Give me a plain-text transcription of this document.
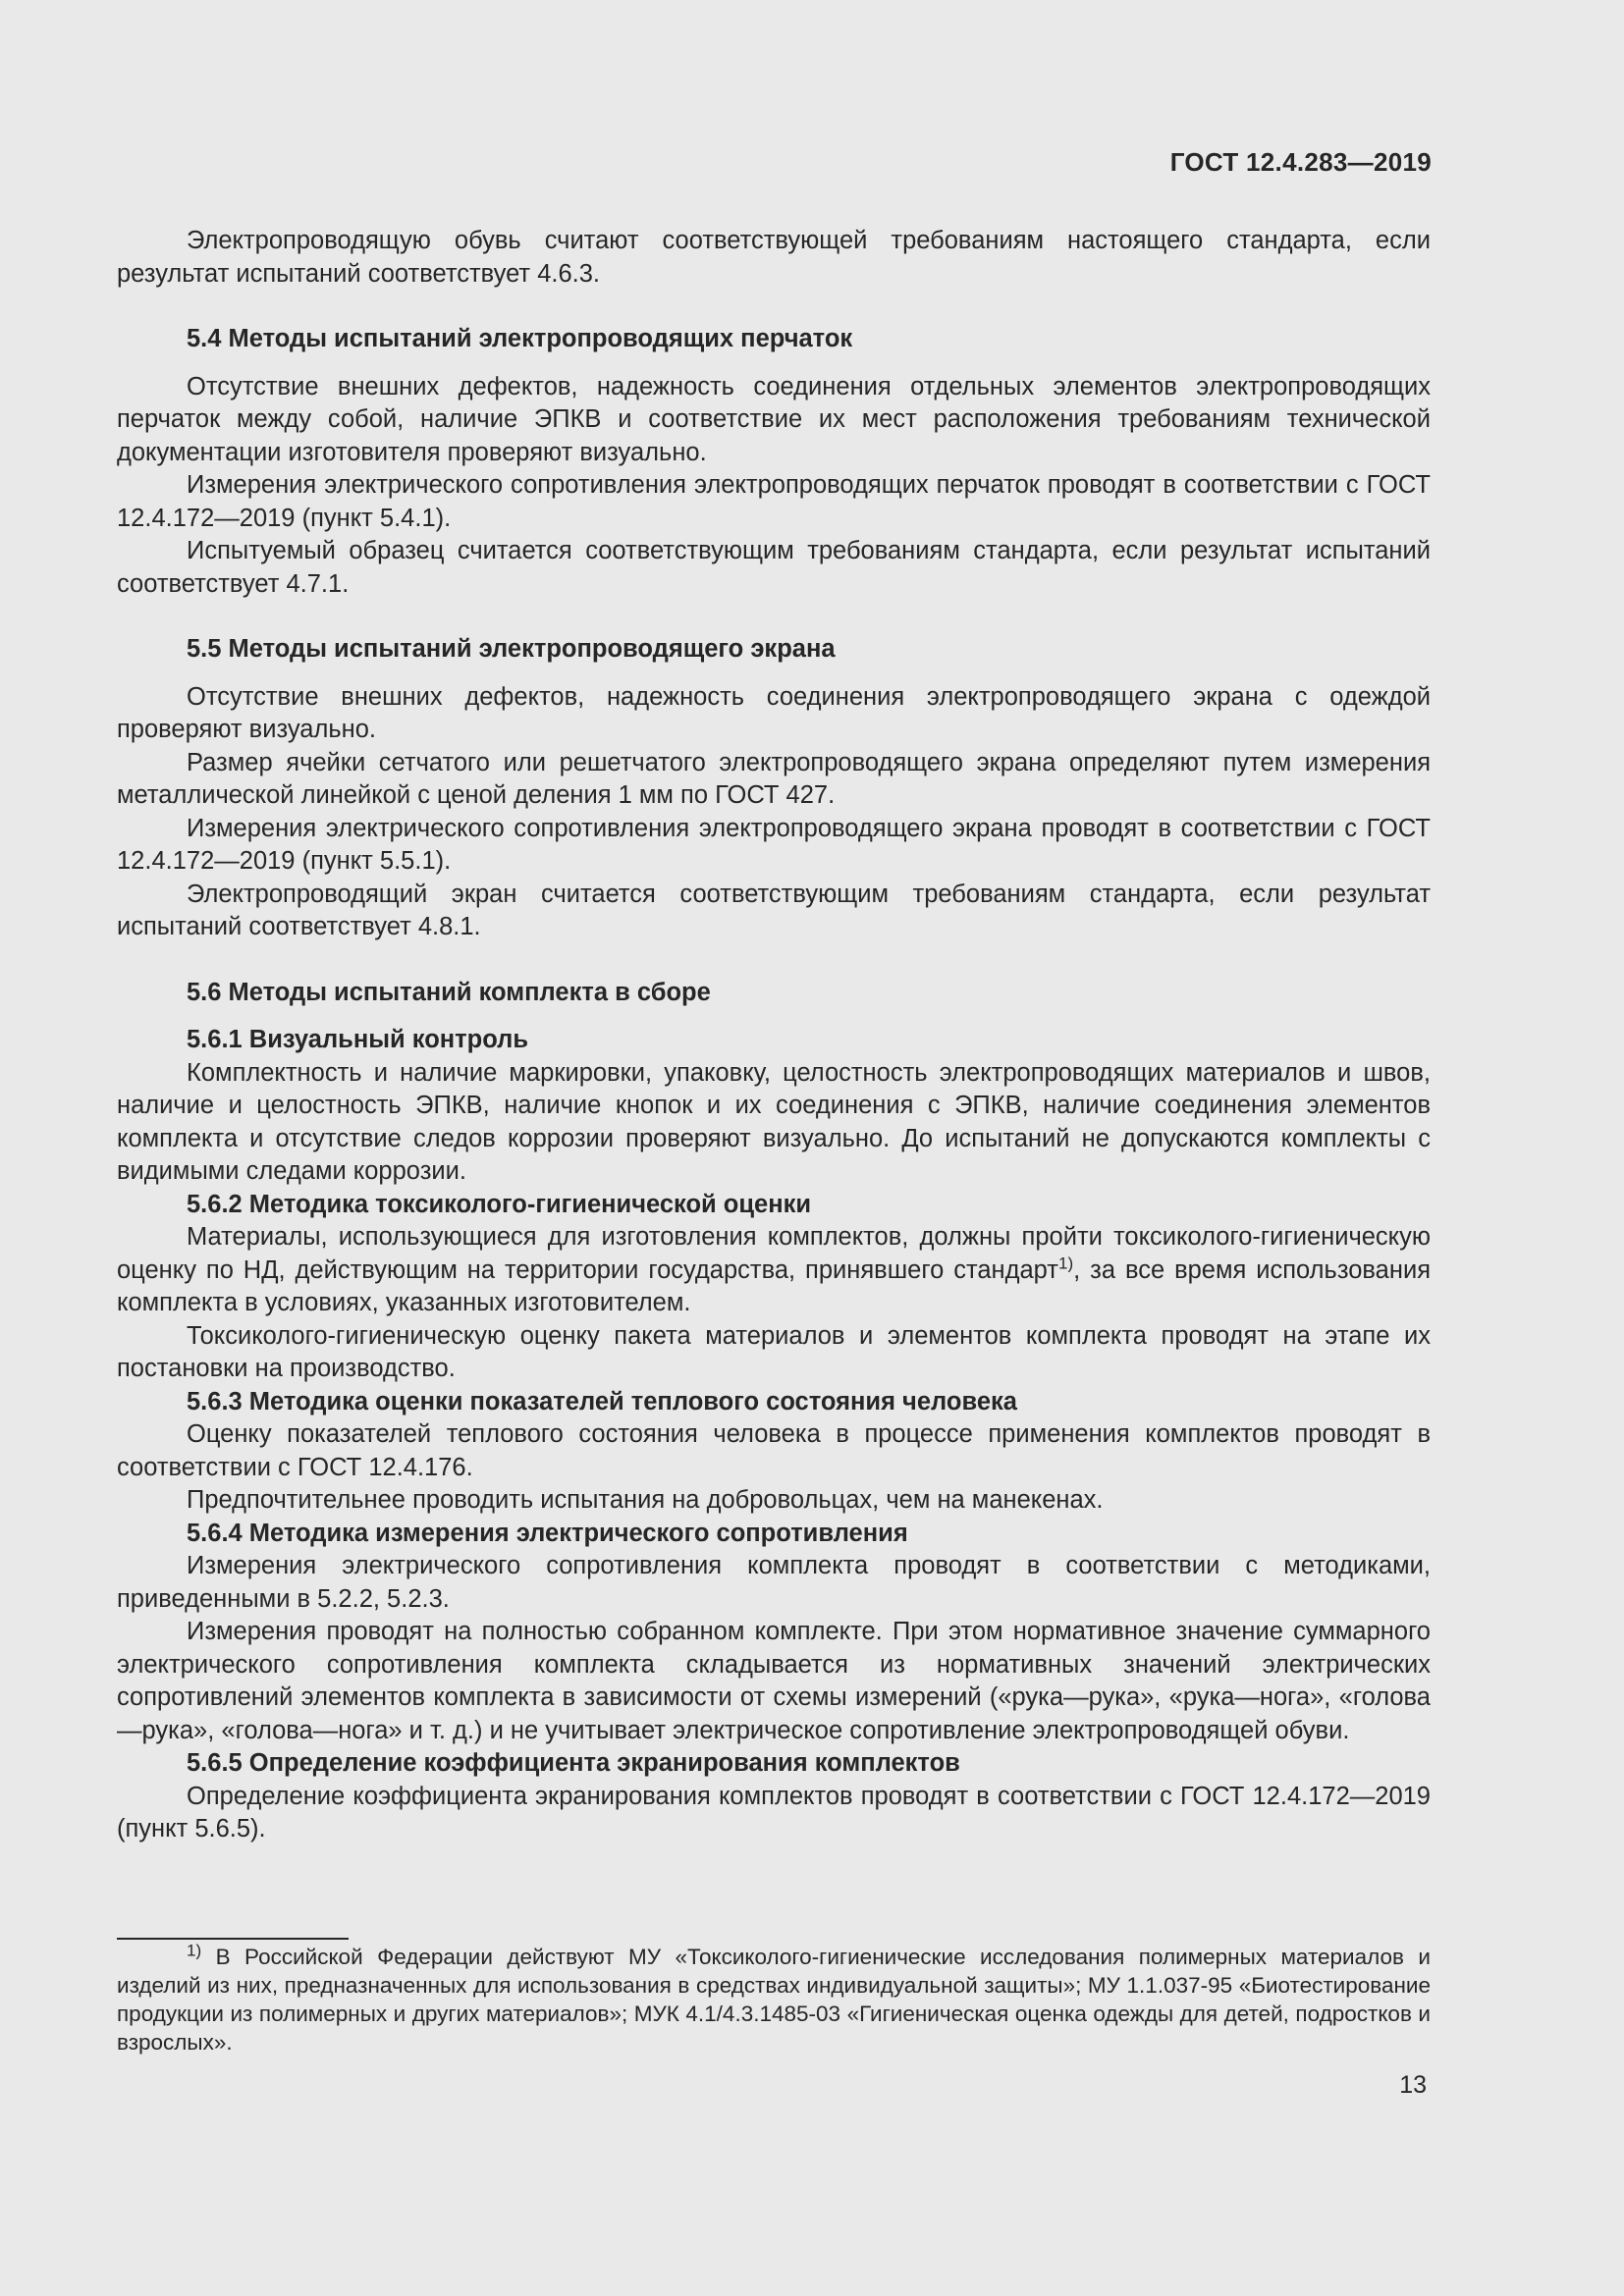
ГОСТ 12.4.283—2019

Электропроводящую обувь считают соответствующей требованиям настоящего стандарта, если результат испытаний соответствует 4.6.3.

5.4 Методы испытаний электропроводящих перчаток

Отсутствие внешних дефектов, надежность соединения отдельных элементов электропроводящих перчаток между собой, наличие ЭПКВ и соответствие их мест расположения требованиям технической документации изготовителя проверяют визуально.

Измерения электрического сопротивления электропроводящих перчаток проводят в соответствии с ГОСТ 12.4.172—2019 (пункт 5.4.1).

Испытуемый образец считается соответствующим требованиям стандарта, если результат испытаний соответствует 4.7.1.

5.5 Методы испытаний электропроводящего экрана

Отсутствие внешних дефектов, надежность соединения электропроводящего экрана с одеждой проверяют визуально.

Размер ячейки сетчатого или решетчатого электропроводящего экрана определяют путем измерения металлической линейкой с ценой деления 1 мм по ГОСТ 427.

Измерения электрического сопротивления электропроводящего экрана проводят в соответствии с ГОСТ 12.4.172—2019 (пункт 5.5.1).

Электропроводящий экран считается соответствующим требованиям стандарта, если результат испытаний соответствует 4.8.1.

5.6 Методы испытаний комплекта в сборе

5.6.1 Визуальный контроль

Комплектность и наличие маркировки, упаковку, целостность электропроводящих материалов и швов, наличие и целостность ЭПКВ, наличие кнопок и их соединения с ЭПКВ, наличие соединения элементов комплекта и отсутствие следов коррозии проверяют визуально. До испытаний не допускаются комплекты с видимыми следами коррозии.

5.6.2 Методика токсиколого-гигиенической оценки

Материалы, использующиеся для изготовления комплектов, должны пройти токсиколого-гигиеническую оценку по НД, действующим на территории государства, принявшего стандарт$^{1)}$, за все время использования комплекта в условиях, указанных изготовителем.

Токсиколого-гигиеническую оценку пакета материалов и элементов комплекта проводят на этапе их постановки на производство.

5.6.3 Методика оценки показателей теплового состояния человека

Оценку показателей теплового состояния человека в процессе применения комплектов проводят в соответствии с ГОСТ 12.4.176.

Предпочтительнее проводить испытания на добровольцах, чем на манекенах.

5.6.4 Методика измерения электрического сопротивления

Измерения электрического сопротивления комплекта проводят в соответствии с методиками, приведенными в 5.2.2, 5.2.3.

Измерения проводят на полностью собранном комплекте. При этом нормативное значение суммарного электрического сопротивления комплекта складывается из нормативных значений электрических сопротивлений элементов комплекта в зависимости от схемы измерений («рука—рука», «рука—нога», «голова—рука», «голова—нога» и т. д.) и не учитывает электрическое сопротивление электропроводящей обуви.

5.6.5 Определение коэффициента экранирования комплектов

Определение коэффициента экранирования комплектов проводят в соответствии с ГОСТ 12.4.172—2019 (пункт 5.6.5).

$^{1)}$ В Российской Федерации действуют МУ «Токсиколого-гигиенические исследования полимерных материалов и изделий из них, предназначенных для использования в средствах индивидуальной защиты»; МУ 1.1.037-95 «Биотестирование продукции из полимерных и других материалов»; МУК 4.1/4.3.1485-03 «Гигиеническая оценка одежды для детей, подростков и взрослых».

13
